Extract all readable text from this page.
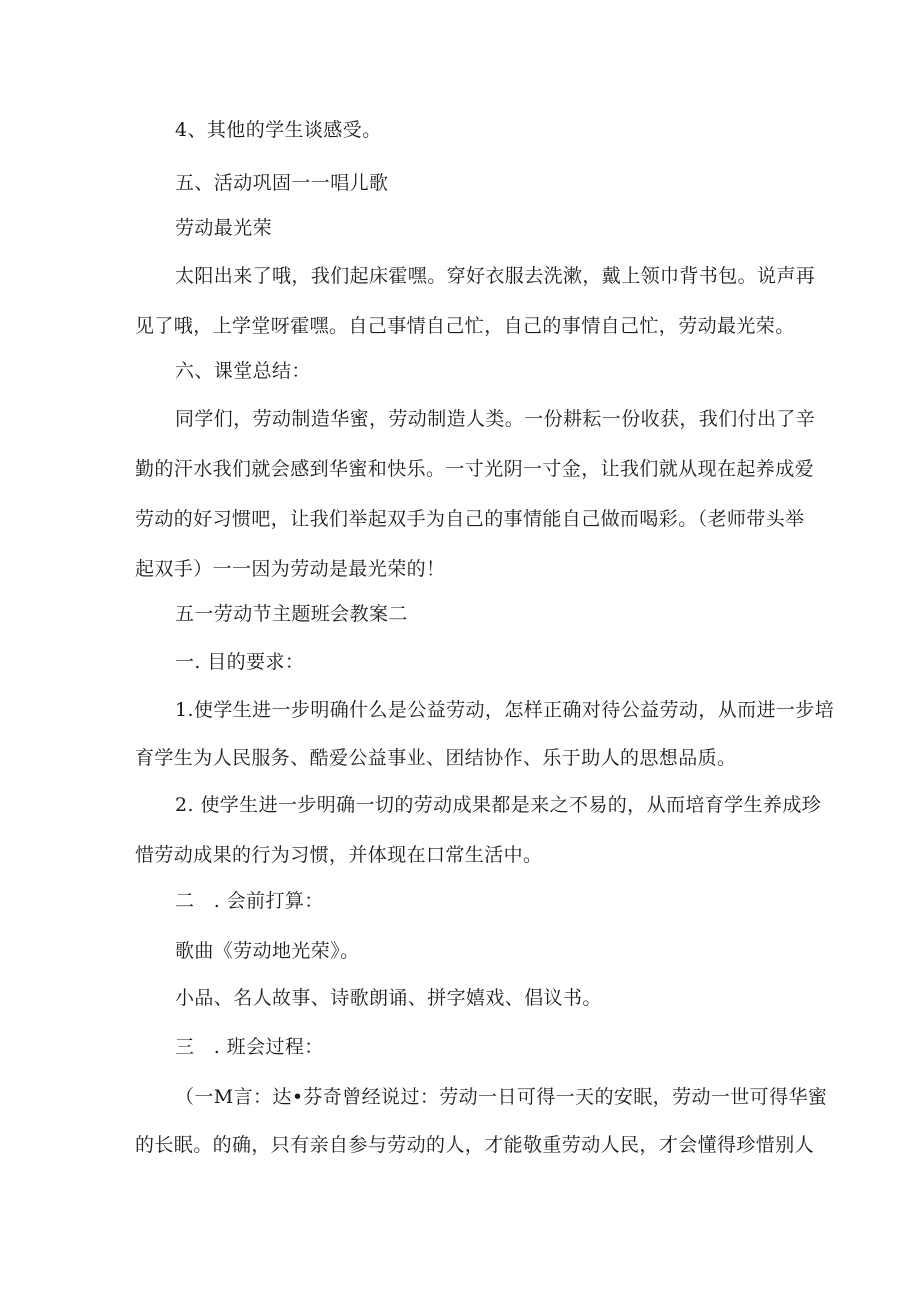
4、其他的学生谈感受。
五、活动巩固一一唱儿歌
劳动最光荣
太阳出来了哦，我们起床霍嘿。穿好衣服去洗漱，戴上领巾背书包。说声再
见了哦，上学堂呀霍嘿。自己事情自己忙，自己的事情自己忙，劳动最光荣。
六、课堂总结：
同学们，劳动制造华蜜，劳动制造人类。一份耕耘一份收获，我们付出了辛
勤的汗水我们就会感到华蜜和快乐。一寸光阴一寸金，让我们就从现在起养成爱
劳动的好习惯吧，让我们举起双手为自己的事情能自己做而喝彩。（老师带头举
起双手）一一因为劳动是最光荣的！
五一劳动节主题班会教案二
一. 目的要求：
1.使学生进一步明确什么是公益劳动，怎样正确对待公益劳动，从而进一步培
育学生为人民服务、酷爱公益事业、团结协作、乐于助人的思想品质。
2. 使学生进一步明确一切的劳动成果都是来之不易的，从而培育学生养成珍
惜劳动成果的行为习惯，并体现在口常生活中。
二　. 会前打算：
歌曲《劳动地光荣》。
小品、名人故事、诗歌朗诵、拼字嬉戏、倡议书。
三　. 班会过程：
（一M言：达•芬奇曾经说过：劳动一日可得一天的安眠，劳动一世可得华蜜
的长眠。的确，只有亲自参与劳动的人，才能敬重劳动人民，才会懂得珍惜别人
